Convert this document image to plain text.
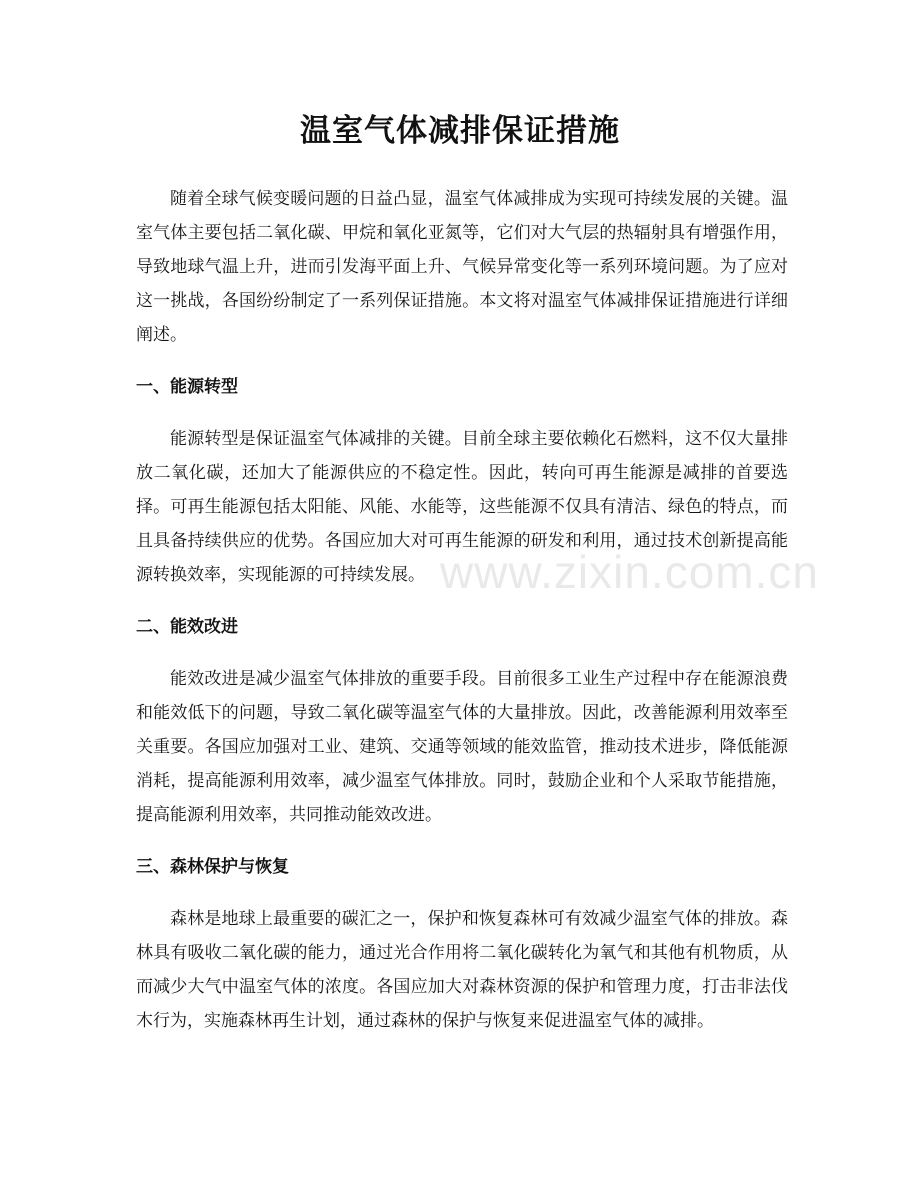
温室气体减排保证措施

随着全球气候变暖问题的日益凸显，温室气体减排成为实现可持续发展的关键。温室气体主要包括二氧化碳、甲烷和氧化亚氮等，它们对大气层的热辐射具有增强作用，导致地球气温上升，进而引发海平面上升、气候异常变化等一系列环境问题。为了应对这一挑战，各国纷纷制定了一系列保证措施。本文将对温室气体减排保证措施进行详细阐述。

一、能源转型

能源转型是保证温室气体减排的关键。目前全球主要依赖化石燃料，这不仅大量排放二氧化碳，还加大了能源供应的不稳定性。因此，转向可再生能源是减排的首要选择。可再生能源包括太阳能、风能、水能等，这些能源不仅具有清洁、绿色的特点，而且具备持续供应的优势。各国应加大对可再生能源的研发和利用，通过技术创新提高能源转换效率，实现能源的可持续发展。

二、能效改进

能效改进是减少温室气体排放的重要手段。目前很多工业生产过程中存在能源浪费和能效低下的问题，导致二氧化碳等温室气体的大量排放。因此，改善能源利用效率至关重要。各国应加强对工业、建筑、交通等领域的能效监管，推动技术进步，降低能源消耗，提高能源利用效率，减少温室气体排放。同时，鼓励企业和个人采取节能措施，提高能源利用效率，共同推动能效改进。

三、森林保护与恢复

森林是地球上最重要的碳汇之一，保护和恢复森林可有效减少温室气体的排放。森林具有吸收二氧化碳的能力，通过光合作用将二氧化碳转化为氧气和其他有机物质，从而减少大气中温室气体的浓度。各国应加大对森林资源的保护和管理力度，打击非法伐木行为，实施森林再生计划，通过森林的保护与恢复来促进温室气体的减排。

www.zixin.com.cn
